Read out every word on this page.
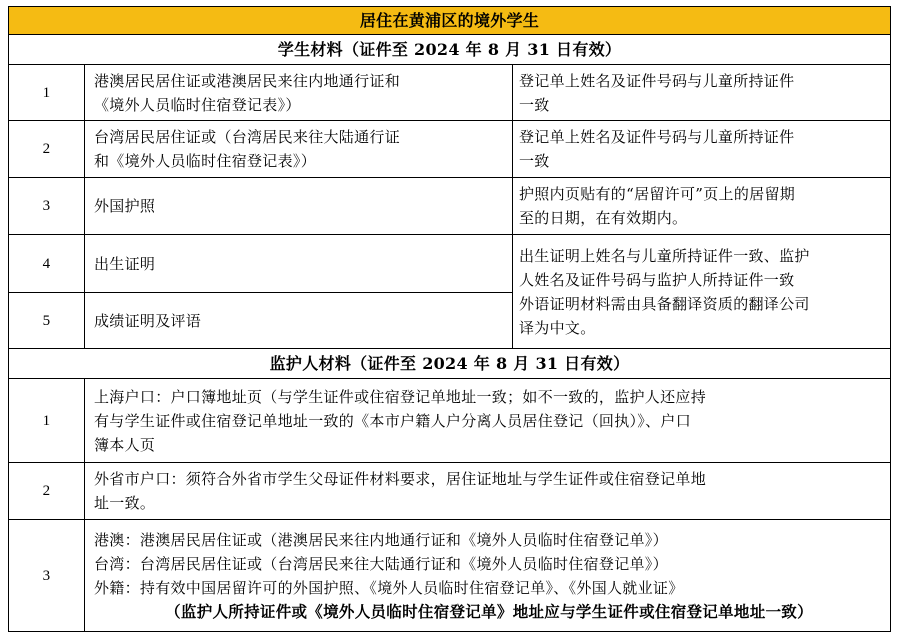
居住在黄浦区的境外学生		
学生材料（证件至 2024 年 8 月 31 日有效）		
1	港澳居民居住证或港澳居民来往内地通行证和
《境外人员临时住宿登记表》）	登记单上姓名及证件号码与儿童所持证件
一致

2	台湾居民居住证或（台湾居民来往大陆通行证
和《境外人员临时住宿登记表》）	登记单上姓名及证件号码与儿童所持证件
一致

3	外国护照	护照内页贴有的“居留许可”页上的居留期
至的日期，在有效期内。

4	出生证明	出生证明上姓名与儿童所持证件一致、监护
人姓名及证件号码与监护人所持证件一致
外语证明材料需由具备翻译资质的翻译公司
译为中文。

5	成绩证明及评语	

监护人材料（证件至 2024 年 8 月 31 日有效）		
1	上海户口：户口簿地址页（与学生证件或住宿登记单地址一致；如不一致的，监护人还应持
有与学生证件或住宿登记单地址一致的《本市户籍人户分离人员居住登记（回执）》、户口
簿本人页	

2	外省市户口：须符合外省市学生父母证件材料要求，居住证地址与学生证件或住宿登记单地
址一致。	

3	港澳：港澳居民居住证或（港澳居民来往内地通行证和《境外人员临时住宿登记单》）
台湾：台湾居民居住证或（台湾居民来往大陆通行证和《境外人员临时住宿登记单》）
外籍：持有效中国居留许可的外国护照、《境外人员临时住宿登记单》、《外国人就业证》
（监护人所持证件或《境外人员临时住宿登记单》地址应与学生证件或住宿登记单地址一致）	
